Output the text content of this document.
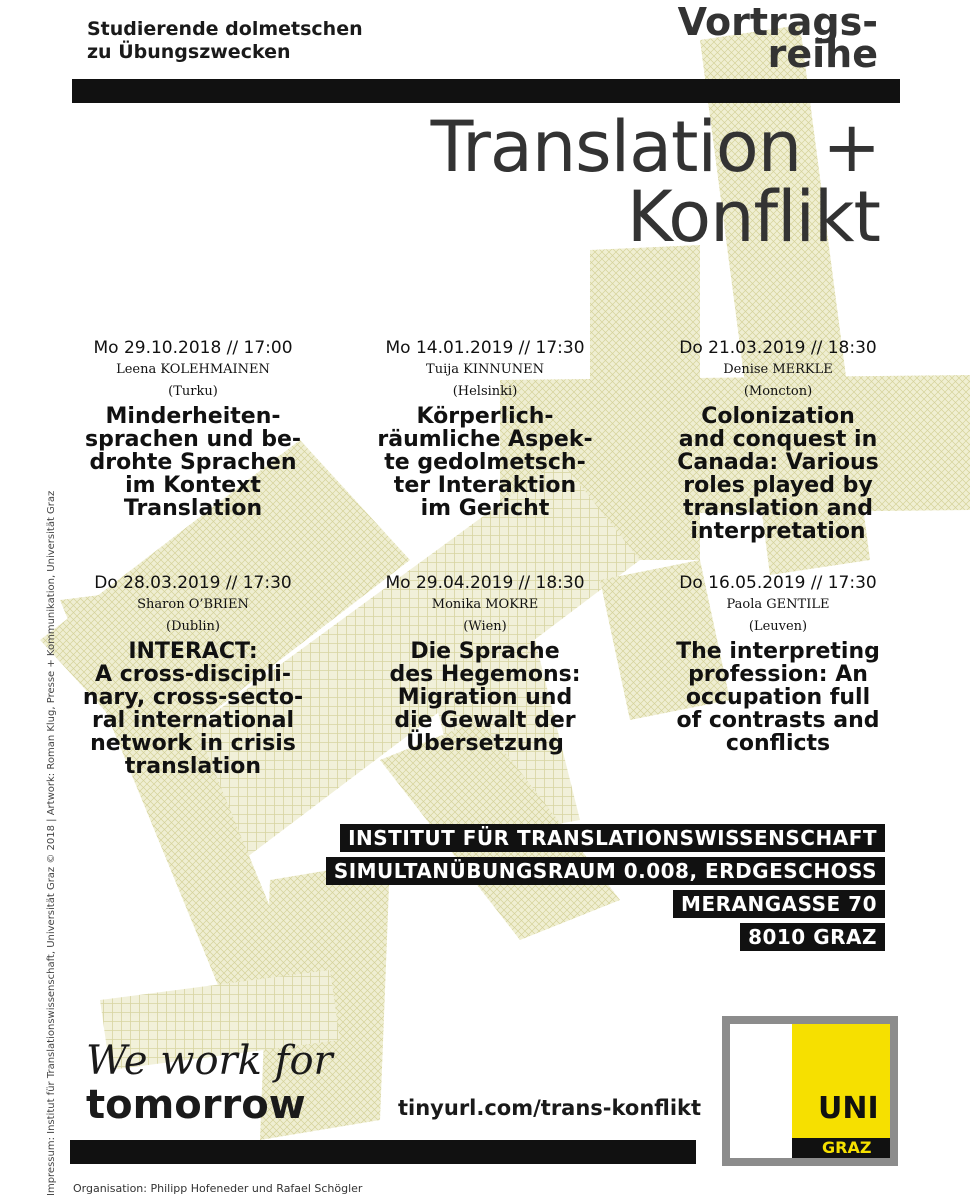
Studierende dolmetschen
zu Übungszwecken
Vortrags-
reihe
Translation +
Konflikt
Mo 29.10.2018 // 17:00
Leena KOLEHMAINEN
(Turku)
Minderheiten-
sprachen und be-
drohte Sprachen
im Kontext
Translation
Mo 14.01.2019 // 17:30
Tuija KINNUNEN
(Helsinki)
Körperlich-
räumliche Aspek-
te gedolmetsch-
ter Interaktion
im Gericht
Do 21.03.2019 // 18:30
Denise MERKLE
(Moncton)
Colonization
and conquest in
Canada: Various
roles played by
translation and
interpretation
Do 28.03.2019 // 17:30
Sharon O’BRIEN
(Dublin)
INTERACT:
A cross-discipli-
nary, cross-secto-
ral international
network in crisis
translation
Mo 29.04.2019 // 18:30
Monika MOKRE
(Wien)
Die Sprache
des Hegemons:
Migration und
die Gewalt der
Übersetzung
Do 16.05.2019 // 17:30
Paola GENTILE
(Leuven)
The interpreting
profession: An
occupation full
of contrasts and
conflicts
INSTITUT FÜR TRANSLATIONSWISSENSCHAFT
SIMULTANÜBUNGSRAUM 0.008, ERDGESCHOSS
MERANGASSE 70
8010 GRAZ
We work for
tomorrow	tinyurl.com/trans-konflikt
Organisation: Philipp Hofeneder und Rafael Schögler
Impressum: Institut für Translationswissenschaft, Universität Graz © 2018 | Artwork: Roman Klug, Presse + Kommunikation, Universität Graz	UNI
GRAZ
